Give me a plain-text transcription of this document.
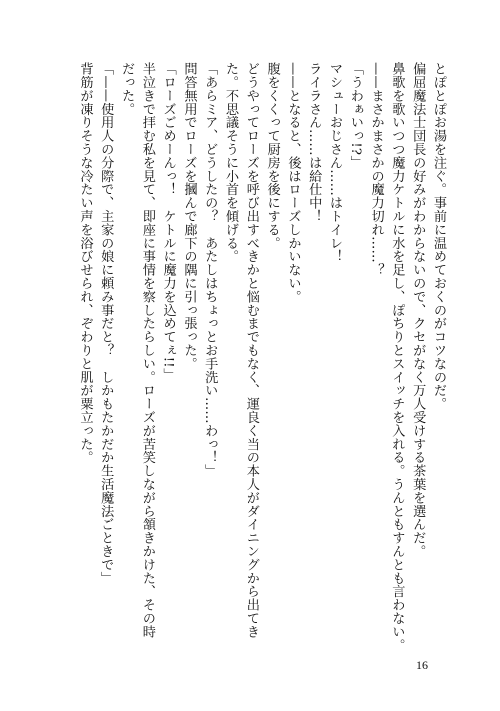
とぽとぽお湯を注ぐ。事前に温めておくのがコツなのだ。
偏屈魔法士団長の好みがわからないので、クセがなく万人受けする茶葉を選んだ。
鼻歌を歌いつつ魔力ケトルに水を足し、ぽちりとスイッチを入れる。うんともすんとも言わない。
——まさかまさかの魔力切れ……？
「うわぁいっ!?」
マシューおじさん……はトイレ！
ライラさん……は給仕中！
——となると、後はローズしかいない。
腹をくくって厨房を後にする。
どうやってローズを呼び出すべきかと悩むまでもなく、運良く当の本人がダイニングから出てき
た。不思議そうに小首を傾げる。
「あらミア、どうしたの？　あたしはちょっとお手洗い……わっ！」
問答無用でローズを摑んで廊下の隅に引っ張った。
「ローズごめーんっ！　ケトルに魔力を込めてぇ!!」
半泣きで拝む私を見て、即座に事情を察したらしい。ローズが苦笑しながら頷きかけた、その時
だった。
「——使用人の分際で、主家の娘に頼み事だと？　しかもたかだか生活魔法ごときで」
背筋が凍りそうな冷たい声を浴びせられ、ぞわりと肌が粟立った。
16
